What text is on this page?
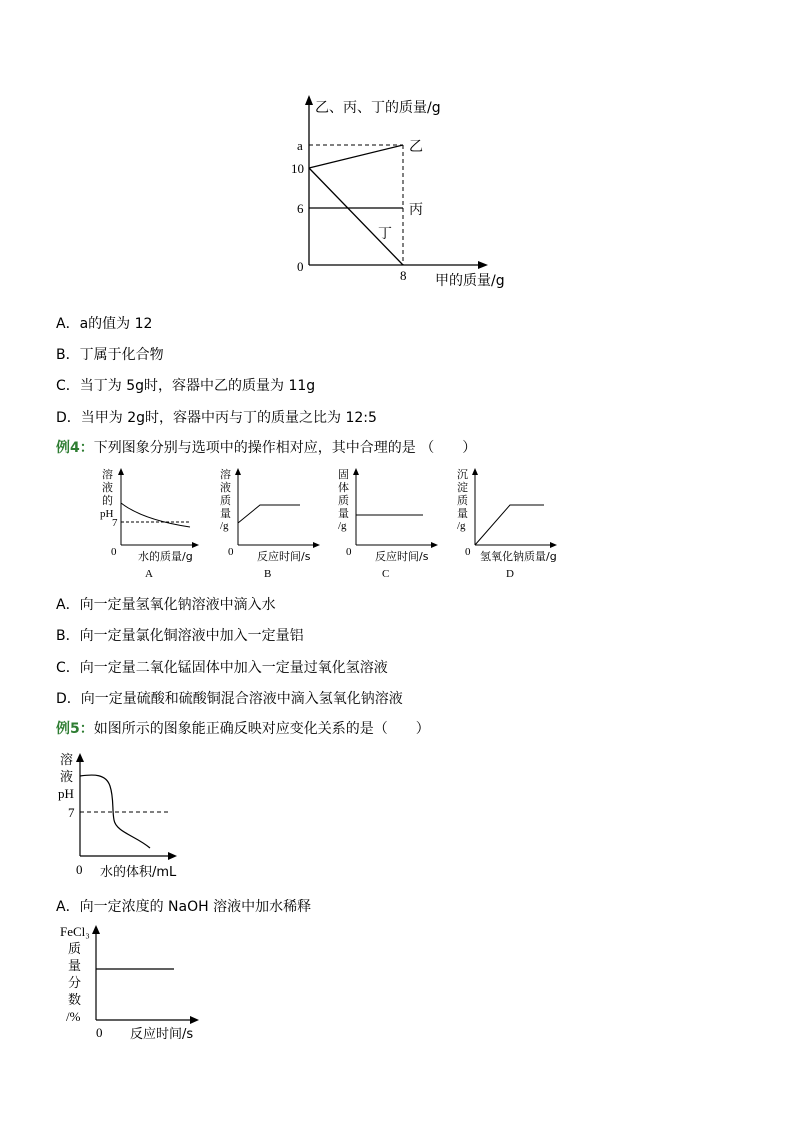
乙、丙、丁的质量/g
a
10
6
0
8 甲的质量/g
乙
丙
丁
A．a的值为 12
B．丁属于化合物
C．当丁为 5g时，容器中乙的质量为 11g
D．当甲为 2g时，容器中丙与丁的质量之比为 12:5
例4：下列图象分别与选项中的操作相对应，其中合理的是 （　　）
溶
液
的
pH
7
0 水的质量/g
A
溶
液
质
量
/g
0 反应时间/s
B
固
体
质
量
/g
0 反应时间/s
C
沉
淀
质
量
/g
0 氢氧化钠质量/g
D
A．向一定量氢氧化钠溶液中滴入水
B．向一定量氯化铜溶液中加入一定量铝
C．向一定量二氧化锰固体中加入一定量过氧化氢溶液
D．向一定量硫酸和硫酸铜混合溶液中滴入氢氧化钠溶液
例5：如图所示的图象能正确反映对应变化关系的是（　　）
溶
液
pH
7
0 水的体积/mL
A．向一定浓度的 NaOH 溶液中加水稀释
FeCl₃
质
量
分
数
/%
0 反应时间/s
